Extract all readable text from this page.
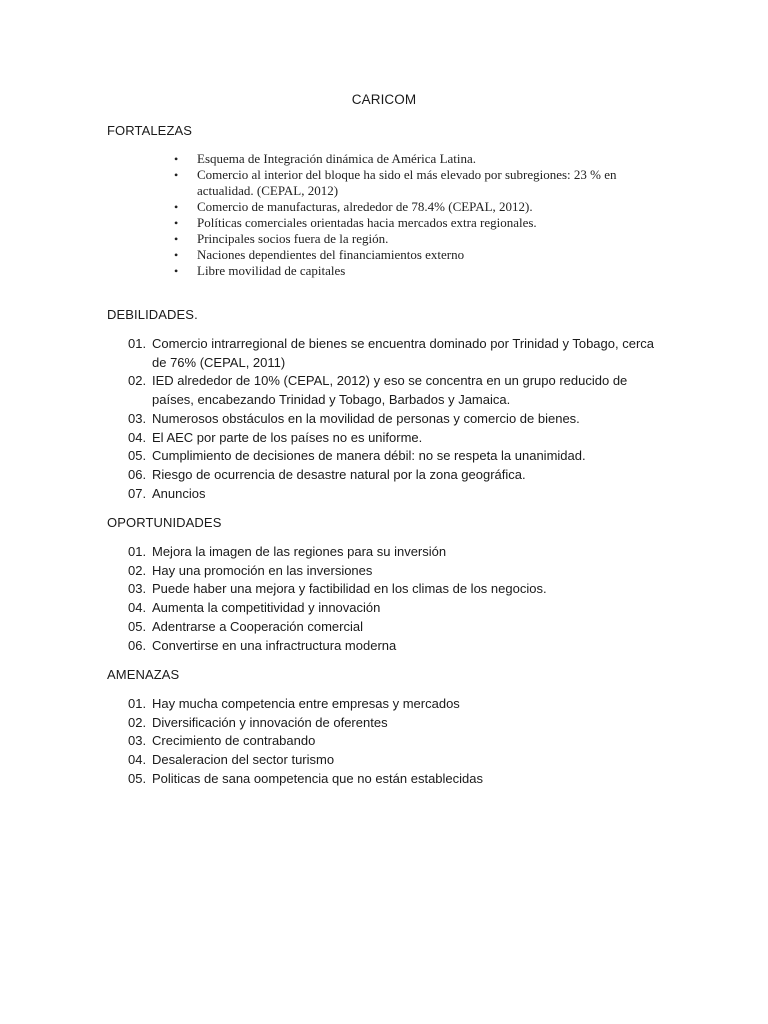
CARICOM
FORTALEZAS
• Esquema de Integración dinámica de América Latina.
• Comercio al interior del bloque ha sido el más elevado por subregiones: 23 % en actualidad. (CEPAL, 2012)
• Comercio de manufacturas, alrededor de 78.4% (CEPAL, 2012).
• Políticas comerciales orientadas hacia mercados extra regionales.
• Principales socios fuera de la región.
• Naciones dependientes del financiamientos externo
• Libre movilidad de capitales
DEBILIDADES.
01. Comercio intrarregional de bienes se encuentra dominado por Trinidad y Tobago, cerca de 76% (CEPAL, 2011)
02. IED alrededor de 10% (CEPAL, 2012) y eso se concentra en un grupo reducido de países, encabezando Trinidad y Tobago, Barbados y Jamaica.
03. Numerosos obstáculos en la movilidad de personas y comercio de bienes.
04. El AEC por parte de los países no es uniforme.
05. Cumplimiento de decisiones de manera débil: no se respeta la unanimidad.
06. Riesgo de ocurrencia de desastre natural por la zona geográfica.
07. Anuncios
OPORTUNIDADES
01. Mejora la imagen de las regiones para su inversión
02. Hay una promoción en las inversiones
03. Puede haber una mejora y factibilidad en los climas de los negocios.
04. Aumenta la competitividad y innovación
05. Adentrarse a Cooperación comercial
06. Convertirse en una infractructura moderna
AMENAZAS
01. Hay mucha competencia entre empresas y mercados
02. Diversificación y innovación de oferentes
03. Crecimiento de contrabando
04. Desaleracion del sector turismo
05. Politicas de sana oompetencia que no están establecidas
